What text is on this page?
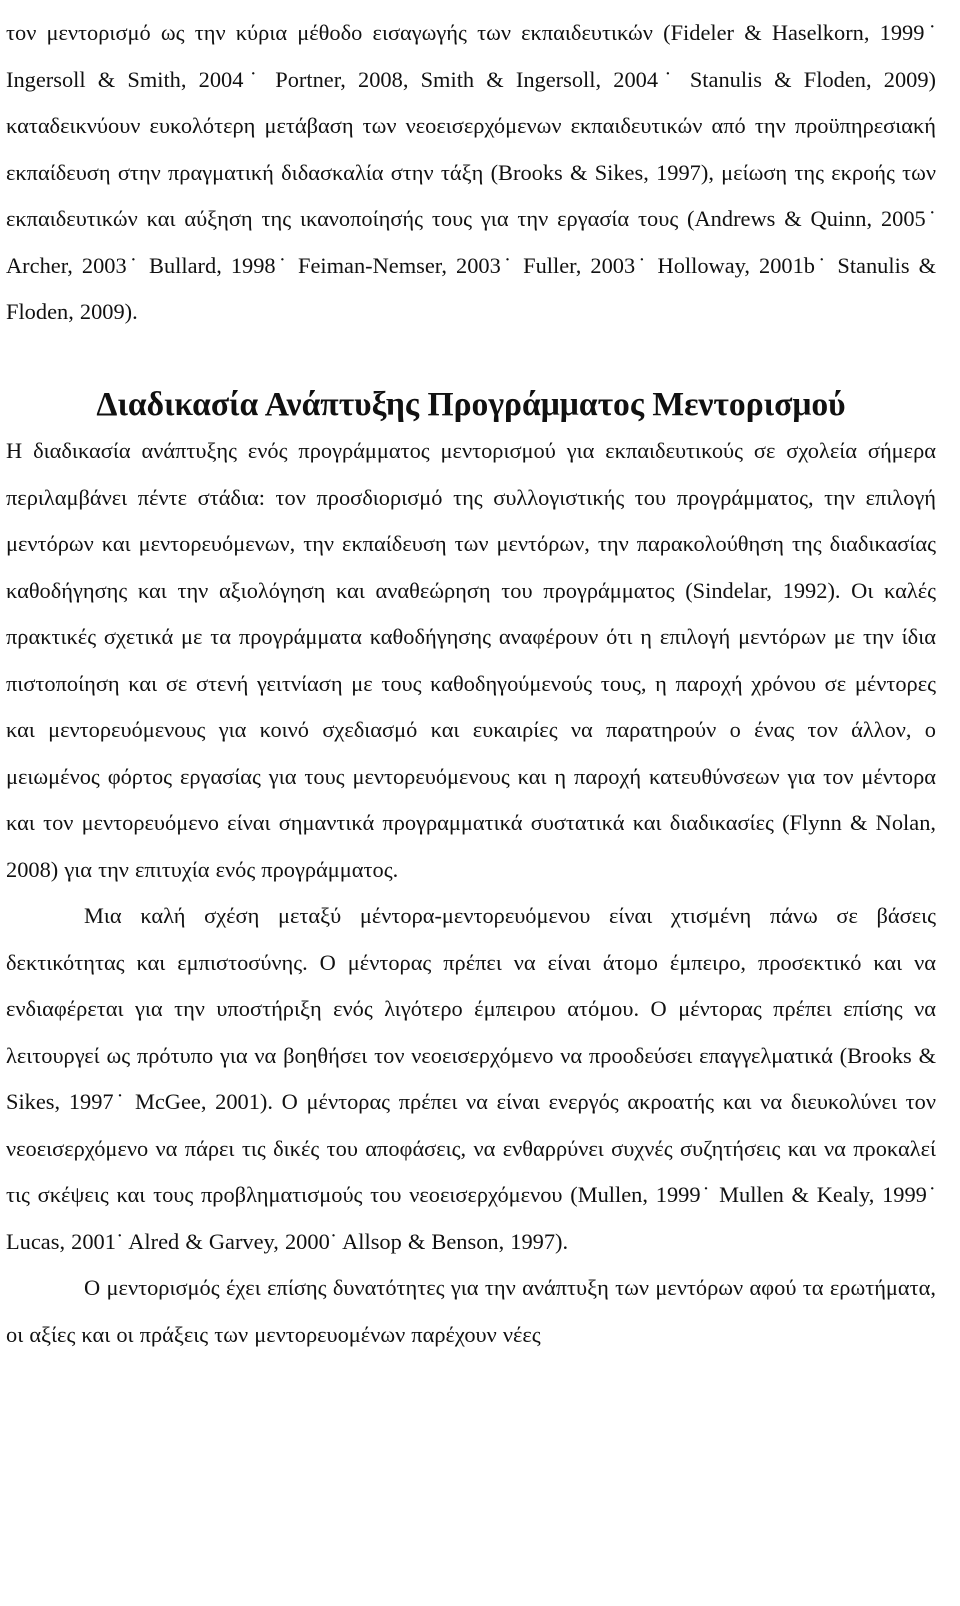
τον μεντορισμό ως την κύρια μέθοδο εισαγωγής των εκπαιδευτικών (Fideler & Haselkorn, 1999˙ Ingersoll & Smith, 2004˙ Portner, 2008, Smith & Ingersoll, 2004˙ Stanulis & Floden, 2009) καταδεικνύουν ευκολότερη μετάβαση των νεοεισερχόμενων εκπαιδευτικών από την προϋπηρεσιακή εκπαίδευση στην πραγματική διδασκαλία στην τάξη (Brooks & Sikes, 1997), μείωση της εκροής των εκπαιδευτικών και αύξηση της ικανοποίησής τους για την εργασία τους (Andrews & Quinn, 2005˙ Archer, 2003˙ Bullard, 1998˙ Feiman-Nemser, 2003˙ Fuller, 2003˙ Holloway, 2001b˙ Stanulis & Floden, 2009).

Διαδικασία Ανάπτυξης Προγράμματος Μεντορισμού

Η διαδικασία ανάπτυξης ενός προγράμματος μεντορισμού για εκπαιδευτικούς σε σχολεία σήμερα περιλαμβάνει πέντε στάδια: τον προσδιορισμό της συλλογιστικής του προγράμματος, την επιλογή μεντόρων και μεντορευόμενων, την εκπαίδευση των μεντόρων, την παρακολούθηση της διαδικασίας καθοδήγησης και την αξιολόγηση και αναθεώρηση του προγράμματος (Sindelar, 1992). Οι καλές πρακτικές σχετικά με τα προγράμματα καθοδήγησης αναφέρουν ότι η επιλογή μεντόρων με την ίδια πιστοποίηση και σε στενή γειτνίαση με τους καθοδηγούμενούς τους, η παροχή χρόνου σε μέντορες και μεντορευόμενους για κοινό σχεδιασμό και ευκαιρίες να παρατηρούν ο ένας τον άλλον, ο μειωμένος φόρτος εργασίας για τους μεντορευόμενους και η παροχή κατευθύνσεων για τον μέντορα και τον μεντορευόμενο είναι σημαντικά προγραμματικά συστατικά και διαδικασίες (Flynn & Nolan, 2008) για την επιτυχία ενός προγράμματος.

Μια καλή σχέση μεταξύ μέντορα-μεντορευόμενου είναι χτισμένη πάνω σε βάσεις δεκτικότητας και εμπιστοσύνης. Ο μέντορας πρέπει να είναι άτομο έμπειρο, προσεκτικό και να ενδιαφέρεται για την υποστήριξη ενός λιγότερο έμπειρου ατόμου. Ο μέντορας πρέπει επίσης να λειτουργεί ως πρότυπο για να βοηθήσει τον νεοεισερχόμενο να προοδεύσει επαγγελματικά (Brooks & Sikes, 1997˙ McGee, 2001). Ο μέντορας πρέπει να είναι ενεργός ακροατής και να διευκολύνει τον νεοεισερχόμενο να πάρει τις δικές του αποφάσεις, να ενθαρρύνει συχνές συζητήσεις και να προκαλεί τις σκέψεις και τους προβληματισμούς του νεοεισερχόμενου (Mullen, 1999˙ Mullen & Kealy, 1999˙ Lucas, 2001˙ Alred & Garvey, 2000˙ Allsop & Benson, 1997).

Ο μεντορισμός έχει επίσης δυνατότητες για την ανάπτυξη των μεντόρων αφού τα ερωτήματα, οι αξίες και οι πράξεις των μεντορευομένων παρέχουν νέες
